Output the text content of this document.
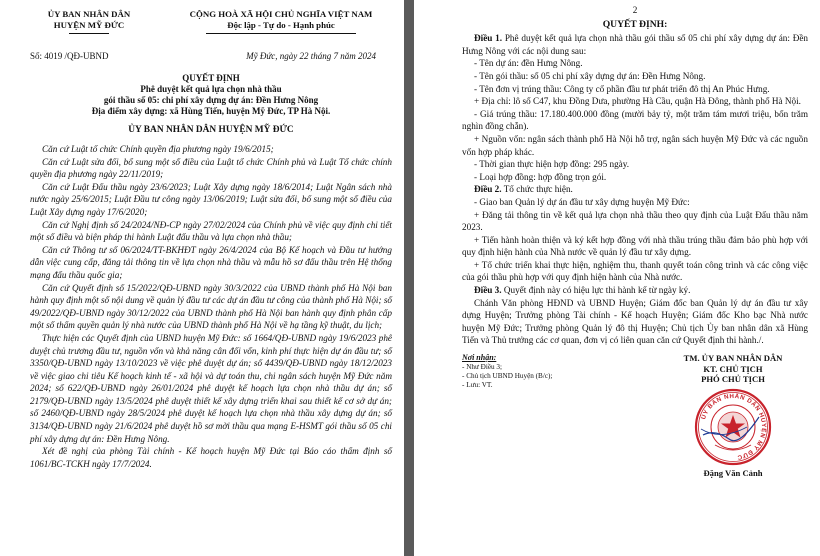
ỦY BAN NHÂN DÂN
HUYỆN MỸ ĐỨC
CỘNG HOÀ XÃ HỘI CHỦ NGHĨA VIỆT NAM
Độc lập - Tự do - Hạnh phúc
Số: 4019 /QĐ-UBND	Mỹ Đức, ngày 22 tháng 7 năm 2024
QUYẾT ĐỊNH
Phê duyệt kết quả lựa chọn nhà thầu
gói thầu số 05: chi phí xây dựng dự án: Đền Hưng Nông
Địa điểm xây dựng: xã Hùng Tiến, huyện Mỹ Đức, TP Hà Nội.
ỦY BAN NHÂN DÂN HUYỆN MỸ ĐỨC

Căn cứ Luật tổ chức Chính quyền địa phương ngày 19/6/2015;

Căn cứ Luật sửa đổi, bổ sung một số điều của Luật tổ chức Chính phủ và Luật Tổ chức chính quyền địa phương ngày 22/11/2019;

Căn cứ Luật Đấu thầu ngày 23/6/2023; Luật Xây dựng ngày 18/6/2014; Luật Ngân sách nhà nước ngày 25/6/2015; Luật Đầu tư công ngày 13/06/2019; Luật sửa đổi, bổ sung một số điều của Luật Xây dựng ngày 17/6/2020;

Căn cứ Nghị định số 24/2024/NĐ-CP ngày 27/02/2024 của Chính phủ về việc quy định chi tiết một số điều và biện pháp thi hành Luật đấu thầu và lựa chọn nhà thầu;

Căn cứ Thông tư số 06/2024/TT-BKHĐT ngày 26/4/2024 của Bộ Kế hoạch và Đầu tư hướng dẫn việc cung cấp, đăng tải thông tin về lựa chọn nhà thầu và mẫu hồ sơ đấu thầu trên Hệ thống mạng đấu thầu quốc gia;

Căn cứ Quyết định số 15/2022/QĐ-UBND ngày 30/3/2022 của UBND thành phố Hà Nội ban hành quy định một số nội dung về quản lý đầu tư các dự án đầu tư công của thành phố Hà Nội; số 49/2022/QĐ-UBND ngày 30/12/2022 của UBND thành phố Hà Nội ban hành quy định phân cấp một số thẩm quyền quản lý nhà nước của UBND thành phố Hà Nội về hạ tầng kỹ thuật, du lịch;

Thực hiện các Quyết định của UBND huyện Mỹ Đức: số 1664/QĐ-UBND ngày 19/6/2023 phê duyệt chủ trương đầu tư, nguồn vốn và khả năng cân đối vốn, kinh phí thực hiện dự án đầu tư; số 3350/QĐ-UBND ngày 13/10/2023 về việc phê duyệt dự án; số 4439/QĐ-UBND ngày 18/12/2023 về việc giao chi tiêu Kế hoạch kinh tế - xã hội và dự toán thu, chi ngân sách huyện Mỹ Đức năm 2024; số 622/QĐ-UBND ngày 26/01/2024 phê duyệt kế hoạch lựa chọn nhà thầu dự án; số 2179/QĐ-UBND ngày 13/5/2024 phê duyệt thiết kế xây dựng triển khai sau thiết kế cơ sở dự án; số 2460/QĐ-UBND ngày 28/5/2024 phê duyệt kế hoạch lựa chọn nhà thầu xây dựng dự án; số 3134/QĐ-UBND ngày 21/6/2024 phê duyệt hồ sơ mời thầu qua mạng E-HSMT gói thầu số 05 chi phí xây dựng dự án: Đền Hưng Nông.

Xét đề nghị của phòng Tài chính - Kế hoạch huyện Mỹ Đức tại Báo cáo thẩm định số 1061/BC-TCKH ngày 17/7/2024.

2
QUYẾT ĐỊNH:

Điều 1. Phê duyệt kết quả lựa chọn nhà thầu gói thầu số 05 chi phí xây dựng dự án: Đền Hưng Nông với các nội dung sau:

- Tên dự án: đền Hưng Nông.

- Tên gói thầu: số 05 chi phí xây dựng dự án: Đền Hưng Nông.

- Tên đơn vị trúng thầu: Công ty cổ phần đầu tư phát triển đô thị An Phúc Hưng.

+ Địa chỉ: lô số C47, khu Đồng Dưa, phường Hà Cầu, quận Hà Đông, thành phố Hà Nội.

- Giá trúng thầu: 17.180.400.000 đồng (mười bảy tỷ, một trăm tám mươi triệu, bốn trăm nghìn đồng chẵn).

+ Nguồn vốn: ngân sách thành phố Hà Nội hỗ trợ, ngân sách huyện Mỹ Đức và các nguồn vốn hợp pháp khác.

- Thời gian thực hiện hợp đồng: 295 ngày.

- Loại hợp đồng: hợp đồng trọn gói.

Điều 2. Tổ chức thực hiện.

- Giao ban Quản lý dự án đầu tư xây dựng huyện Mỹ Đức:

+ Đăng tải thông tin về kết quả lựa chọn nhà thầu theo quy định của Luật Đấu thầu năm 2023.

+ Tiến hành hoàn thiện và ký kết hợp đồng với nhà thầu trúng thầu đảm bảo phù hợp với quy định hiện hành của Nhà nước về quản lý đầu tư xây dựng.

+ Tổ chức triển khai thực hiện, nghiệm thu, thanh quyết toán công trình và các công việc của gói thầu phù hợp với quy định hiện hành của Nhà nước.

Điều 3. Quyết định này có hiệu lực thi hành kể từ ngày ký.

Chánh Văn phòng HĐND và UBND Huyện; Giám đốc ban Quản lý dự án đầu tư xây dựng Huyện; Trưởng phòng Tài chính - Kế hoạch Huyện; Giám đốc Kho bạc Nhà nước huyện Mỹ Đức; Trưởng phòng Quản lý đô thị Huyện; Chủ tịch Ủy ban nhân dân xã Hùng Tiến và Thủ trưởng các cơ quan, đơn vị có liên quan căn cứ Quyết định thi hành./.

Nơi nhận:
- Như Điều 3;
- Chủ tịch UBND Huyện (B/c);
- Lưu: VT.
TM. ỦY BAN NHÂN DÂN
KT. CHỦ TỊCH
PHÓ CHỦ TỊCH
ỦY BAN NHÂN DÂN HUYỆN MỸ ĐỨC
Đặng Văn Cảnh
